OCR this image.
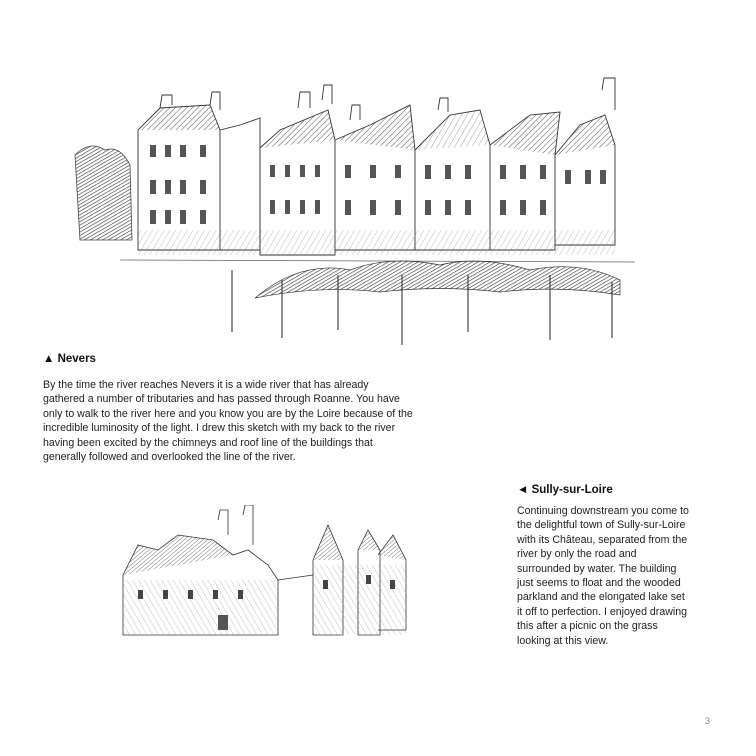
▲ Nevers

By the time the river reaches Nevers it is a wide river that has already gathered a number of tributaries and has passed through Roanne. You have only to walk to the river here and you know you are by the Loire because of the incredible luminosity of the light. I drew this sketch with my back to the river having been excited by the chimneys and roof line of the buildings that generally followed and overlooked the line of the river.

◄ Sully-sur-Loire

Continuing downstream you come to the delightful town of Sully-sur-Loire with its Château, separated from the river by only the road and surrounded by water. The building just seems to float and the wooded parkland and the elongated lake set it off to perfection. I enjoyed drawing this after a picnic on the grass looking at this view.

3
